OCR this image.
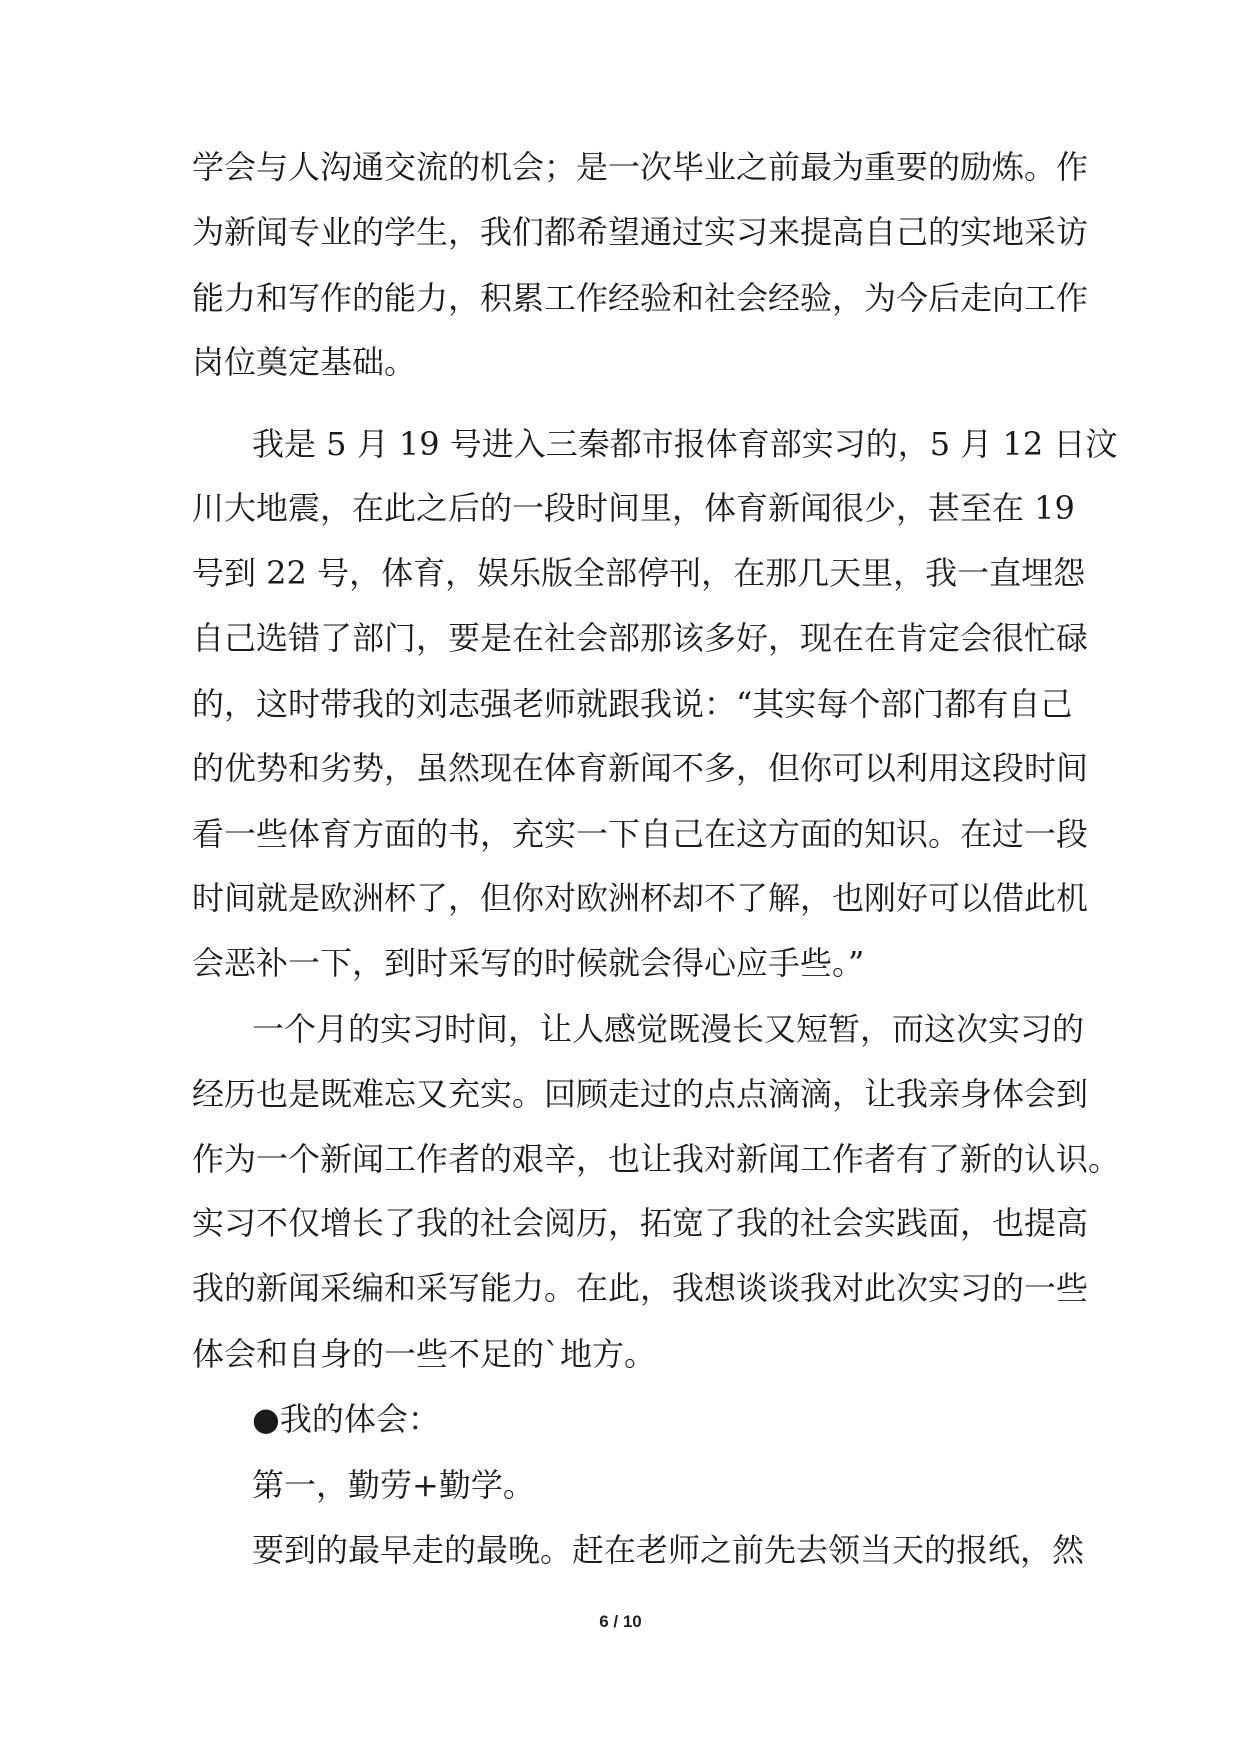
学会与人沟通交流的机会；是一次毕业之前最为重要的励炼。作
为新闻专业的学生，我们都希望通过实习来提高自己的实地采访
能力和写作的能力，积累工作经验和社会经验，为今后走向工作
岗位奠定基础。
我是 5 月 19 号进入三秦都市报体育部实习的，5 月 12 日汶
川大地震，在此之后的一段时间里，体育新闻很少，甚至在 19
号到 22 号，体育，娱乐版全部停刊，在那几天里，我一直埋怨
自己选错了部门，要是在社会部那该多好，现在在肯定会很忙碌
的，这时带我的刘志强老师就跟我说：“其实每个部门都有自己
的优势和劣势，虽然现在体育新闻不多，但你可以利用这段时间
看一些体育方面的书，充实一下自己在这方面的知识。在过一段
时间就是欧洲杯了，但你对欧洲杯却不了解，也刚好可以借此机
会恶补一下，到时采写的时候就会得心应手些。”
一个月的实习时间，让人感觉既漫长又短暂，而这次实习的
经历也是既难忘又充实。回顾走过的点点滴滴，让我亲身体会到
作为一个新闻工作者的艰辛，也让我对新闻工作者有了新的认识。
实习不仅增长了我的社会阅历，拓宽了我的社会实践面，也提高
我的新闻采编和采写能力。在此，我想谈谈我对此次实习的一些
体会和自身的一些不足的`地方。
●我的体会：
第一，勤劳+勤学。
要到的最早走的最晚。赶在老师之前先去领当天的报纸，然
6 / 10
